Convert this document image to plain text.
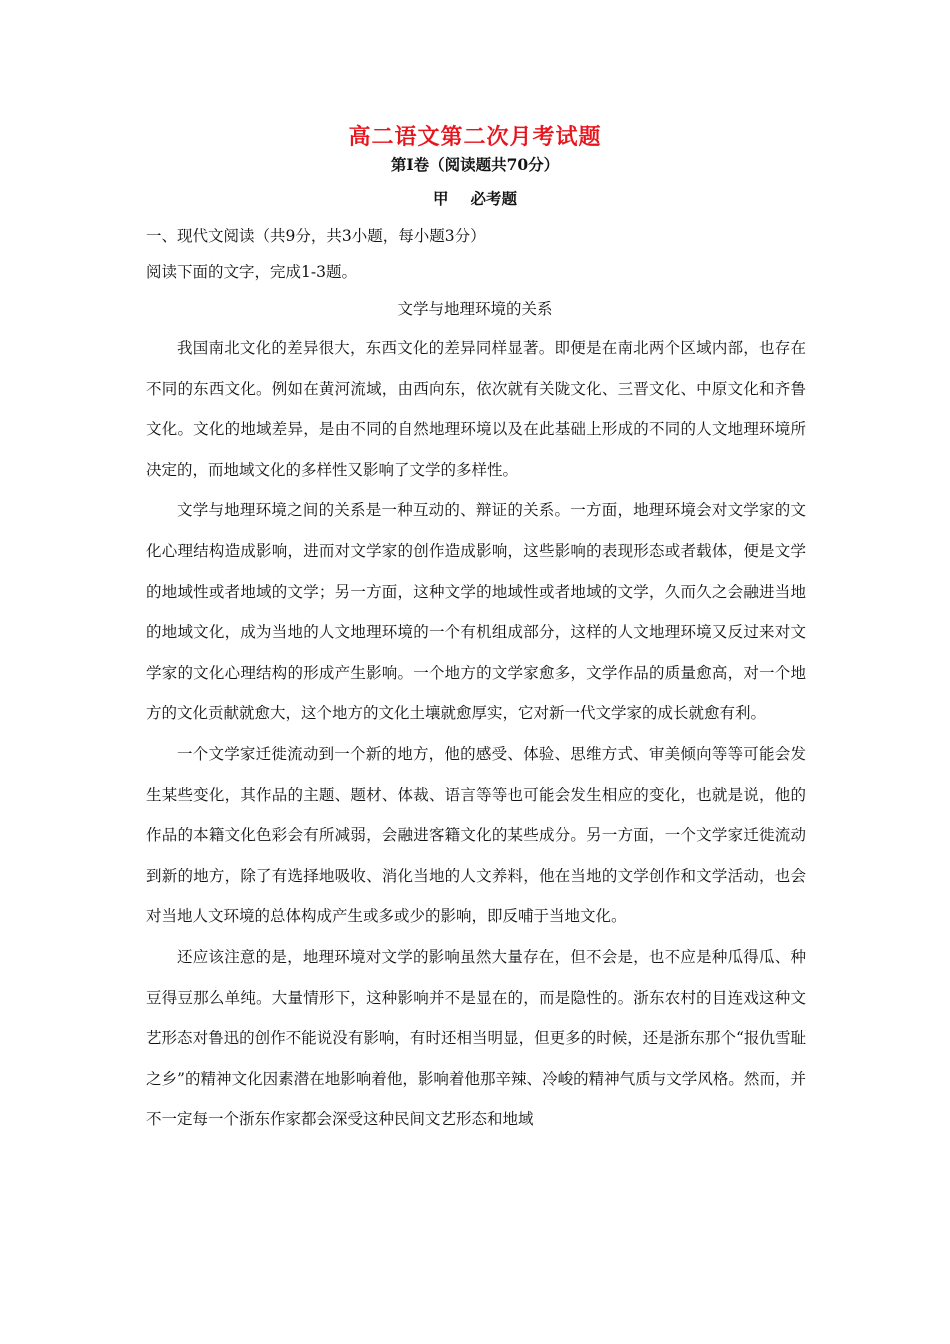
高二语文第二次月考试题
第Ⅰ卷（阅读题共70分）
甲 必考题
一、现代文阅读（共9分，共3小题，每小题3分）
阅读下面的文字，完成1-3题。
文学与地理环境的关系

我国南北文化的差异很大，东西文化的差异同样显著。即便是在南北两个区域内部，也存在不同的东西文化。例如在黄河流域，由西向东，依次就有关陇文化、三晋文化、中原文化和齐鲁文化。文化的地域差异，是由不同的自然地理环境以及在此基础上形成的不同的人文地理环境所决定的，而地域文化的多样性又影响了文学的多样性。

文学与地理环境之间的关系是一种互动的、辩证的关系。一方面，地理环境会对文学家的文化心理结构造成影响，进而对文学家的创作造成影响，这些影响的表现形态或者载体，便是文学的地域性或者地域的文学；另一方面，这种文学的地域性或者地域的文学，久而久之会融进当地的地域文化，成为当地的人文地理环境的一个有机组成部分，这样的人文地理环境又反过来对文学家的文化心理结构的形成产生影响。一个地方的文学家愈多，文学作品的质量愈高，对一个地方的文化贡献就愈大，这个地方的文化土壤就愈厚实，它对新一代文学家的成长就愈有利。

一个文学家迁徙流动到一个新的地方，他的感受、体验、思维方式、审美倾向等等可能会发生某些变化，其作品的主题、题材、体裁、语言等等也可能会发生相应的变化，也就是说，他的作品的本籍文化色彩会有所减弱，会融进客籍文化的某些成分。另一方面，一个文学家迁徙流动到新的地方，除了有选择地吸收、消化当地的人文养料，他在当地的文学创作和文学活动，也会对当地人文环境的总体构成产生或多或少的影响，即反哺于当地文化。

还应该注意的是，地理环境对文学的影响虽然大量存在，但不会是，也不应是种瓜得瓜、种豆得豆那么单纯。大量情形下，这种影响并不是显在的，而是隐性的。浙东农村的目连戏这种文艺形态对鲁迅的创作不能说没有影响，有时还相当明显，但更多的时候，还是浙东那个“报仇雪耻之乡”的精神文化因素潜在地影响着他，影响着他那辛辣、冷峻的精神气质与文学风格。然而，并不一定每一个浙东作家都会深受这种民间文艺形态和地域
